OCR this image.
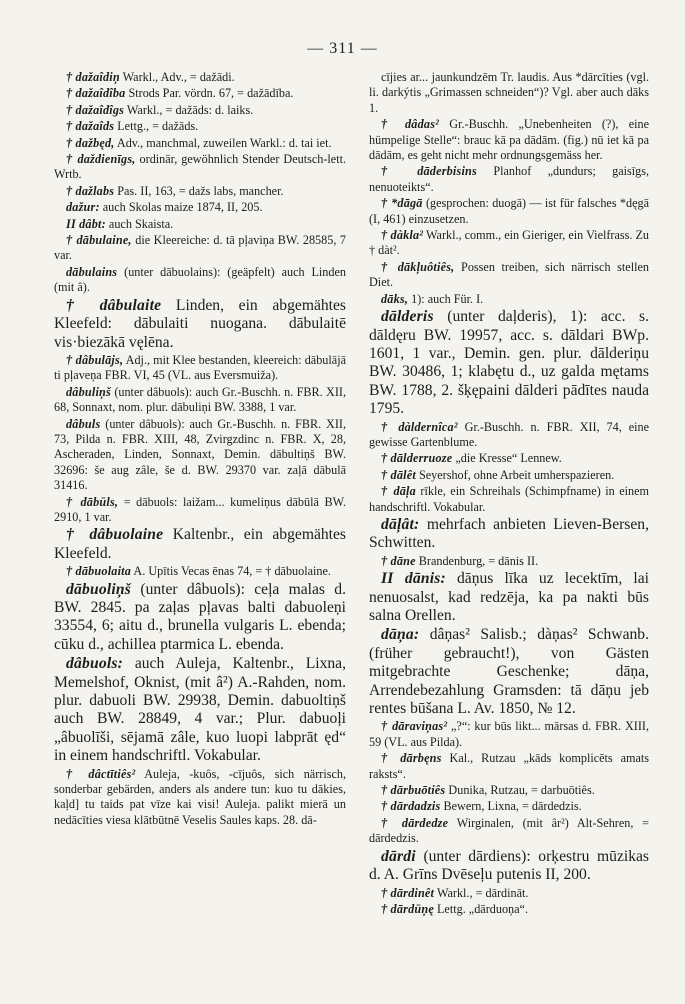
— 311 —

† dažaîdiņ Warkl., Adv., = dažādi.

† dažaîdîba Strods Par. vördn. 67, = dažādība.

† dažaîdîgs Warkl., = dažāds: d. laiks.

† dažaîds Lettg., = dažāds.

† dažbęd, Adv., manchmal, zuweilen Warkl.: d. tai iet.

† daždienīgs, ordinär, gewöhnlich Stender Deutsch-lett. Wrtb.

† dažlabs Pas. II, 163, = dažs labs, mancher.

dažur: auch Skolas maize 1874, II, 205.

II dâbt: auch Skaista.

† dābulaine, die Kleereiche: d. tā pļaviņa BW. 28585, 7 var.

dābulains (unter dābuolains): (geäpfelt) auch Linden (mit â).

† dâbulaite Linden, ein abgemähtes Kleefeld: dābulaiti nuogana. dābulaitē vis·biezākā vęlēna.

† dâbulājs, Adj., mit Klee bestanden, kleereich: dābulājā ti pļaveņa FBR. VI, 45 (VL. aus Eversmuiža).

dâbuliņš (unter dâbuols): auch Gr.-Buschh. n. FBR. XII, 68, Sonnaxt, nom. plur. dābuliņi BW. 3388, 1 var.

dâbuls (unter dâbuols): auch Gr.-Buschh. n. FBR. XII, 73, Pilda n. FBR. XIII, 48, Zvirgzdinc n. FBR. X, 28, Ascheraden, Linden, Sonnaxt, Demin. dābultiņš BW. 32696: še aug zâle, še d. BW. 29370 var. zaļā dābulā 31416.

† dābūls, = dābuols: laižam... kumeliņus dābūlā BW. 2910, 1 var.

† dâbuolaine Kaltenbr., ein abgemähtes Kleefeld.

† dābuolaita A. Upītis Vecas ēnas 74, = † dābuolaine.

dābuoliņš (unter dâbuols): ceļa malas d. BW. 2845. pa zaļas pļavas balti dabuoleņi 33554, 6; aitu d., brunella vulgaris L. ebenda; cūku d., achillea ptarmica L. ebenda.

dâbuols: auch Auleja, Kaltenbr., Lixna, Memelshof, Oknist, (mit â²) A.-Rahden, nom. plur. dabuoli BW. 29938, Demin. dabuoltiņš auch BW. 28849, 4 var.; Plur. dabuoļi „âbuolīši, sējamā zâle, kuo luopi labprāt ęd“ in einem handschriftl. Vokabular.

† dâctītiês² Auleja, -kuôs, -cījuôs, sich närrisch, sonderbar gebärden, anders als andere tun: kuo tu dākies, kaļd] tu taids pat vīze kai visi! Auleja. palikt mierā un nedācīties viesa klātbūtnē Veselis Saules kaps. 28. dā-

cījies ar... jaunkundzēm Tr. laudis. Aus *dārcīties (vgl. li. darkýtis „Grimassen schneiden“)? Vgl. aber auch dāks 1.

† dâdas² Gr.-Buschh. „Unebenheiten (?), eine hümpelige Stelle“: brauc kā pa dādām. (fig.) nū iet kā pa dādām, es geht nicht mehr ordnungsgemäss her.

† dāderbisins Planhof „dundurs; gaisīgs, nenuoteikts“.

† *dāgā (gesprochen: duogā) — ist für falsches *dęgā (I, 461) einzusetzen.

† dàkla² Warkl., comm., ein Gieriger, ein Vielfrass. Zu † dàt².

† dākļuôtiês, Possen treiben, sich närrisch stellen Diet.

dāks, 1): auch Für. I.

dālderis (unter daļderis), 1): acc. s. dāldęru BW. 19957, acc. s. dāldari BWp. 1601, 1 var., Demin. gen. plur. dālderiņu BW. 30486, 1; klabętu d., uz galda mętams BW. 1788, 2. šķępaini dālderi pādītes nauda 1795.

† dàldernîca² Gr.-Buschh. n. FBR. XII, 74, eine gewisse Gartenblume.

† dālderruoze „die Kresse“ Lennew.

† dālêt Seyershof, ohne Arbeit umherspazieren.

† dāļa rīkle, ein Schreihals (Schimpfname) in einem handschriftl. Vokabular.

dāļât: mehrfach anbieten Lieven-Bersen, Schwitten.

† dāne Brandenburg, = dānis II.

II dānis: dāņus līka uz lecektīm, lai nenuosalst, kad redzēja, ka pa nakti būs salna Orellen.

dāņa: dâņas² Salisb.; dàņas² Schwanb. (früher gebraucht!), von Gästen mitgebrachte Geschenke; dāņa, Arrendebezahlung Gramsden: tā dāņu jeb rentes būšana L. Av. 1850, № 12.

† dāraviņas² „?“: kur būs likt... mārsas d. FBR. XIII, 59 (VL. aus Pilda).

† dārbęns Kal., Rutzau „kāds komplicēts amats raksts“.

† dārbuōtiês Dunika, Rutzau, = darbuōtiês.

† dārdadzis Bewern, Lixna, = dārdedzis.

† dārdedze Wirginalen, (mit âr²) Alt-Sehren, = dārdedzis.

dārdi (unter dārdiens): orķestru mūzikas d. A. Grīns Dvēseļu putenis II, 200.

† dārdinêt Warkl., = dārdināt.

† dārdūņę Lettg. „dārduoņa“.
